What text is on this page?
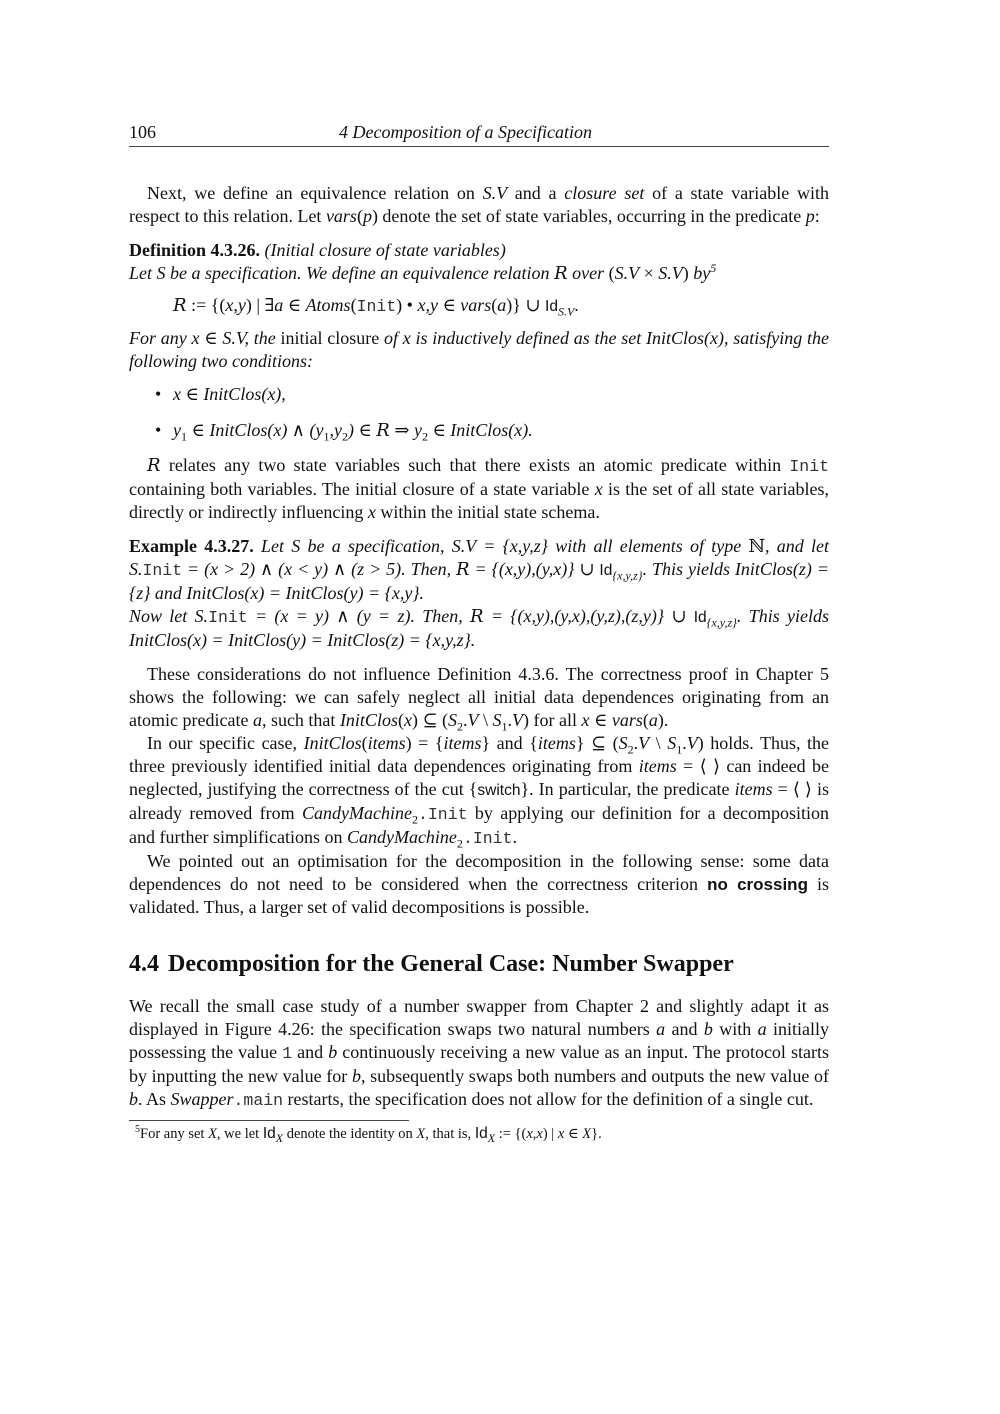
106	4 Decomposition of a Specification

Next, we define an equivalence relation on S.V and a closure set of a state variable with respect to this relation. Let vars(p) denote the set of state variables, occurring in the predicate p:

Definition 4.3.26. (Initial closure of state variables)
Let S be a specification. We define an equivalence relation R over (S.V × S.V) $by^5$
R := {(x,y) | ∃a ∈ Atoms(Init) • x,y ∈ vars(a)} ∪ $Id_{S.V}$.

For any x ∈ S.V, the initial closure of x is inductively defined as the set InitClos(x), satisfying the following two conditions:

• x ∈ InitClos(x),
• $y_1$ ∈ InitClos(x) ∧ $(y_1,y_2)$ ∈ R ⇒ $y_2$ ∈ InitClos(x).

R relates any two state variables such that there exists an atomic predicate within Init containing both variables. The initial closure of a state variable x is the set of all state variables, directly or indirectly influencing x within the initial state schema.

Example 4.3.27. Let S be a specification, S.V = {x,y,z} with all elements of type ℕ, and let S.Init = (x > 2) ∧ (x < y) ∧ (z > 5). Then, R = {(x,y),(y,x)} ∪ $Id_{\{x,y,z\}}$. This yields InitClos(z) = {z} and InitClos(x) = InitClos(y) = {x,y}.
Now let S.Init = (x = y) ∧ (y = z). Then, R = {(x,y),(y,x),(y,z),(z,y)} ∪ $Id_{\{x,y,z\}}$. This yields InitClos(x) = InitClos(y) = InitClos(z) = {x,y,z}.

These considerations do not influence Definition 4.3.6. The correctness proof in Chapter 5 shows the following: we can safely neglect all initial data dependences originating from an atomic predicate a, such that InitClos(x) ⊆ ($S_2.V$ \ $S_1.V$) for all x ∈ vars(a).

In our specific case, InitClos(items) = {items} and {items} ⊆ ($S_2.V$ \ $S_1.V$) holds. Thus, the three previously identified initial data dependences originating from items = ⟨ ⟩ can indeed be neglected, justifying the correctness of the cut {switch}. In particular, the predicate items = ⟨ ⟩ is already removed from CandyMachine$_2$.Init by applying our definition for a decomposition and further simplifications on CandyMachine$_2$.Init.

We pointed out an optimisation for the decomposition in the following sense: some data dependences do not need to be considered when the correctness criterion no crossing is validated. Thus, a larger set of valid decompositions is possible.

4.4 Decomposition for the General Case: Number Swapper

We recall the small case study of a number swapper from Chapter 2 and slightly adapt it as displayed in Figure 4.26: the specification swaps two natural numbers a and b with a initially possessing the value 1 and b continuously receiving a new value as an input. The protocol starts by inputting the new value for b, subsequently swaps both numbers and outputs the new value of b. As Swapper.main restarts, the specification does not allow for the definition of a single cut.

$^5$For any set X, we let $Id_X$ denote the identity on X, that is, $Id_X$ := {(x,x) | x ∈ X}.
